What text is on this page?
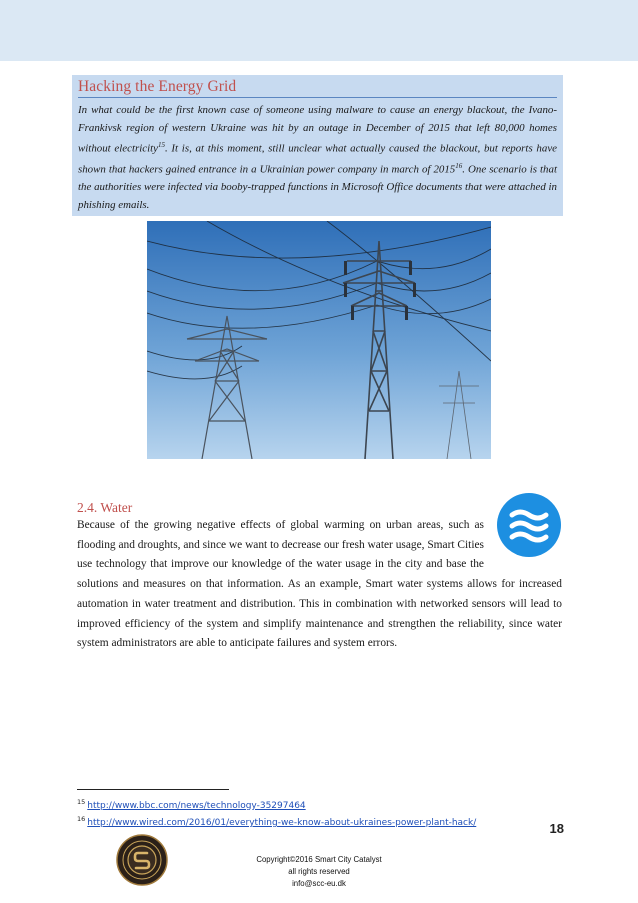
Hacking the Energy Grid
In what could be the first known case of someone using malware to cause an energy blackout, the Ivano-Frankivsk region of western Ukraine was hit by an outage in December of 2015 that left 80,000 homes without electricity$^{15}$. It is, at this moment, still unclear what actually caused the blackout, but reports have shown that hackers gained entrance in a Ukrainian power company in march of 2015$^{16}$. One scenario is that the authorities were infected via booby-trapped functions in Microsoft Office documents that were attached in phishing emails.
2.4. Water

Because of the growing negative effects of global warming on urban areas, such as flooding and droughts, and since we want to decrease our fresh water usage, Smart Cities use technology that improve our knowledge of the water usage in the city and base the solutions and measures on that information. As an example, Smart water systems allows for increased automation in water treatment and distribution. This in combination with networked sensors will lead to improved efficiency of the system and simplify maintenance and strengthen the reliability, since water system administrators are able to anticipate failures and system errors.

$^{15}$ http://www.bbc.com/news/technology-35297464
$^{16}$ http://www.wired.com/2016/01/everything-we-know-about-ukraines-power-plant-hack/	18
Copyright©2016 Smart City Catalyst
all rights reserved
info@scc-eu.dk
